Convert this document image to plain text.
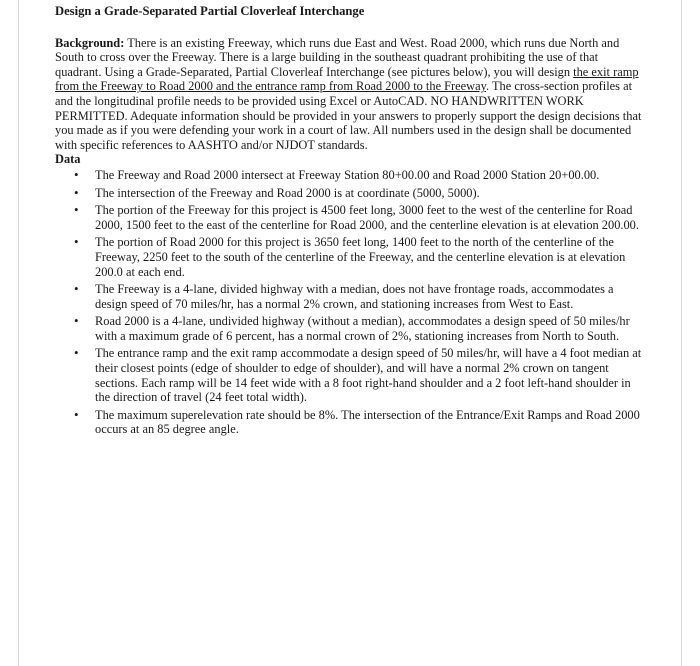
Design a Grade-Separated Partial Cloverleaf Interchange

Background: There is an existing Freeway, which runs due East and West. Road 2000, which runs due North and South to cross over the Freeway. There is a large building in the southeast quadrant prohibiting the use of that quadrant. Using a Grade-Separated, Partial Cloverleaf Interchange (see pictures below), you will design the exit ramp from the Freeway to Road 2000 and the entrance ramp from Road 2000 to the Freeway. The cross-section profiles at and the longitudinal profile needs to be provided using Excel or AutoCAD. NO HANDWRITTEN WORK PERMITTED. Adequate information should be provided in your answers to properly support the design decisions that you made as if you were defending your work in a court of law. All numbers used in the design shall be documented with specific references to AASHTO and/or NJDOT standards.

Data

• The Freeway and Road 2000 intersect at Freeway Station 80+00.00 and Road 2000 Station 20+00.00.
• The intersection of the Freeway and Road 2000 is at coordinate (5000, 5000).
• The portion of the Freeway for this project is 4500 feet long, 3000 feet to the west of the centerline for Road 2000, 1500 feet to the east of the centerline for Road 2000, and the centerline elevation is at elevation 200.00.
• The portion of Road 2000 for this project is 3650 feet long, 1400 feet to the north of the centerline of the Freeway, 2250 feet to the south of the centerline of the Freeway, and the centerline elevation is at elevation 200.0 at each end.
• The Freeway is a 4-lane, divided highway with a median, does not have frontage roads, accommodates a design speed of 70 miles/hr, has a normal 2% crown, and stationing increases from West to East.
• Road 2000 is a 4-lane, undivided highway (without a median), accommodates a design speed of 50 miles/hr with a maximum grade of 6 percent, has a normal crown of 2%, stationing increases from North to South.
• The entrance ramp and the exit ramp accommodate a design speed of 50 miles/hr, will have a 4 foot median at their closest points (edge of shoulder to edge of shoulder), and will have a normal 2% crown on tangent sections. Each ramp will be 14 feet wide with a 8 foot right-hand shoulder and a 2 foot left-hand shoulder in the direction of travel (24 feet total width).
• The maximum superelevation rate should be 8%. The intersection of the Entrance/Exit Ramps and Road 2000 occurs at an 85 degree angle.
